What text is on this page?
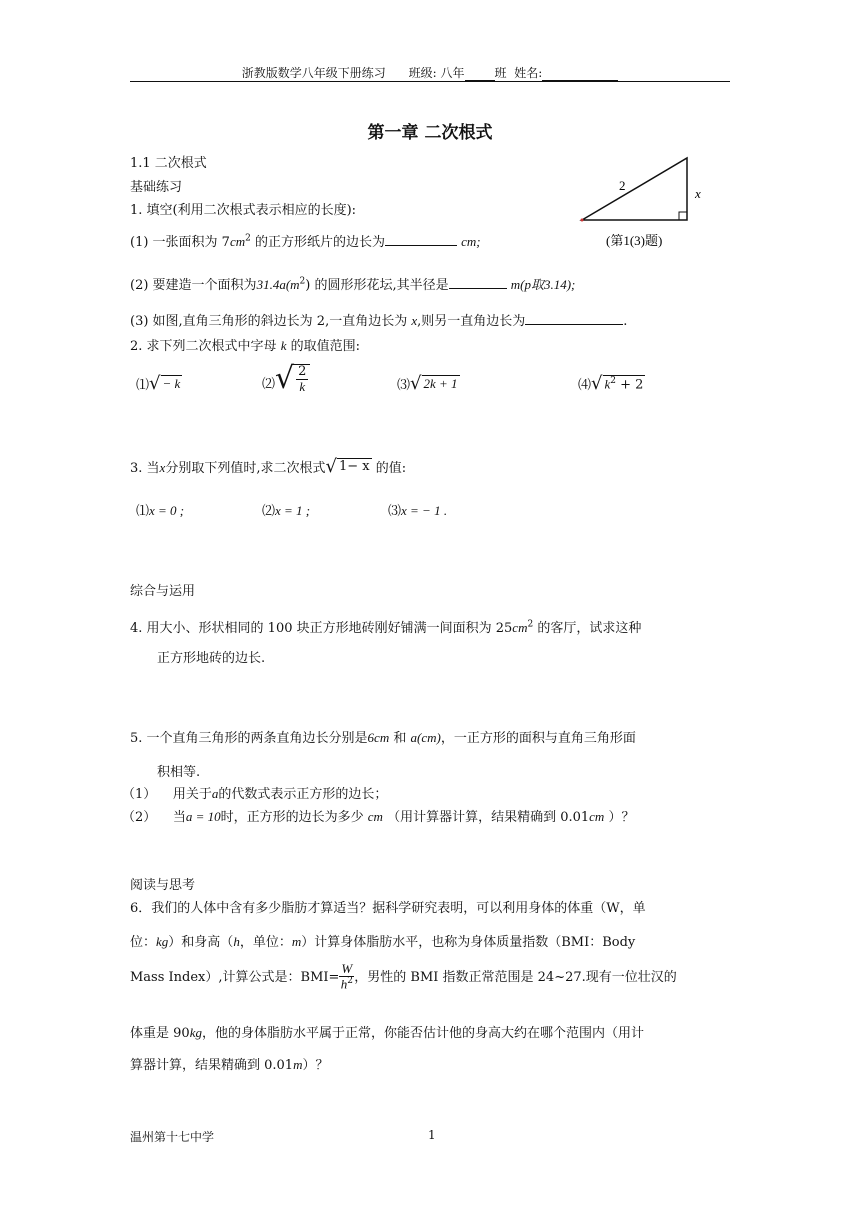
浙教版数学八年级下册练习 班级: 八年	班 姓名:
第一章 二次根式
1.1 二次根式
基础练习	2
x
(第1(3)题)
1. 填空(利用二次根式表示相应的长度):
(1) 一张面积为 $7cm^2$ 的正方形纸片的边长为	cm;
(2) 要建造一个面积为$31.4a(m^2)$ 的圆形形花坛,其半径是	m(p取3.14);
(3) 如图,直角三角形的斜边长为 2,一直角边长为 x,则另一直角边长为	.
2. 求下列二次根式中字母 k 的取值范围:
⑴ √ − k	⑵ √ $\frac{2}{k}$	⑶ √ 2k + 1	⑷ √ $k^2 + 2$
3. 当x分别取下列值时,求二次根式 √ 1− x 的值:
⑴x = 0 ;	⑵x = 1 ;	⑶x = − 1 .
综合与运用
4. 用大小、形状相同的 100 块正方形地砖刚好铺满一间面积为 $25cm^2$ 的客厅，试求这种
正方形地砖的边长.
5. 一个直角三角形的两条直角边长分别是6cm 和 a(cm)，一正方形的面积与直角三角形面
积相等.
（1） 用关于a的代数式表示正方形的边长；
（2） 当a = 10时，正方形的边长为多少 cm （用计算器计算，结果精确到 0.01cm ）？
阅读与思考
6．我们的人体中含有多少脂肪才算适当？据科学研究表明，可以利用身体的体重（W，单
位：kg）和身高（h，单位：m）计算身体脂肪水平，也称为身体质量指数（BMI：Body
Mass Index）,计算公式是：$BMI= \frac{W}{h^2}$ ，男性的 BMI 指数正常范围是 24~27.现有一位壮汉的
体重是 90kg，他的身体脂肪水平属于正常，你能否估计他的身高大约在哪个范围内（用计
算器计算，结果精确到 0.01m）？
温州第十七中学	1
